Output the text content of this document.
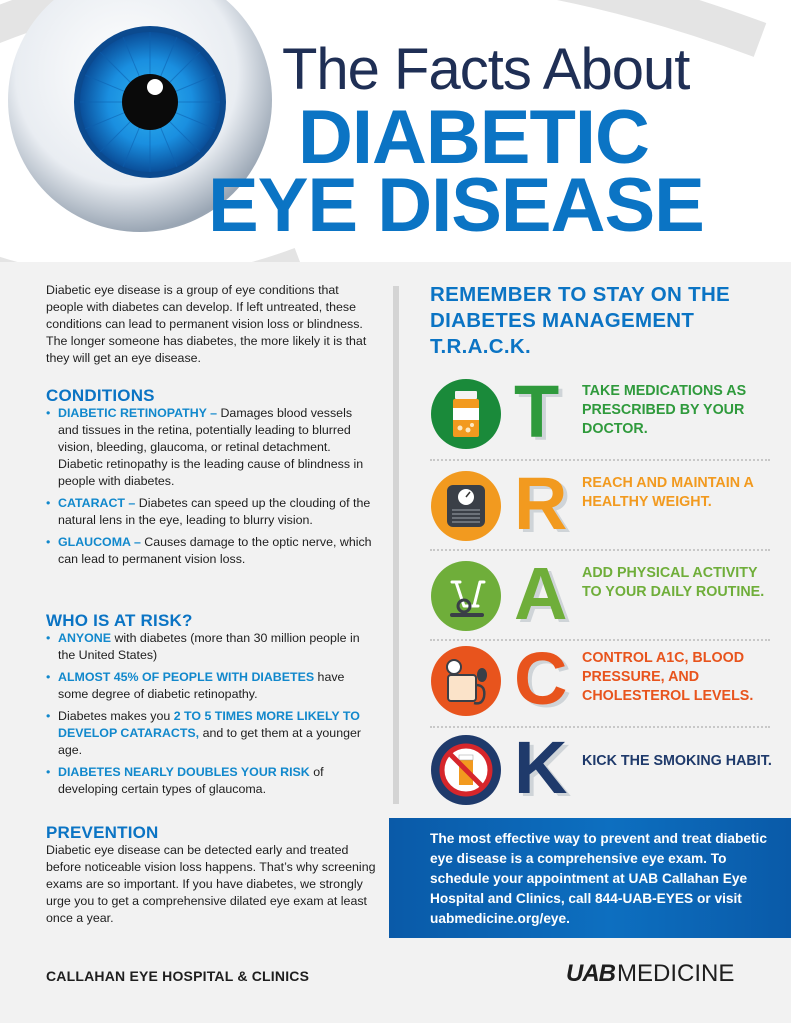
The Facts About
DIABETIC
EYE DISEASE
Diabetic eye disease is a group of eye conditions that people with diabetes can develop. If left untreated, these conditions can lead to permanent vision loss or blindness. The longer someone has diabetes, the more likely it is that they will get an eye disease.
CONDITIONS
• DIABETIC RETINOPATHY – Damages blood vessels and tissues in the retina, potentially leading to blurred vision, bleeding, glaucoma, or retinal detachment. Diabetic retinopathy is the leading cause of blindness in people with diabetes.
• CATARACT – Diabetes can speed up the clouding of the natural lens in the eye, leading to blurry vision.
• GLAUCOMA – Causes damage to the optic nerve, which can lead to permanent vision loss.
WHO IS AT RISK?
• ANYONE with diabetes (more than 30 million people in the United States)
• ALMOST 45% OF PEOPLE WITH DIABETES have some degree of diabetic retinopathy.
• Diabetes makes you 2 TO 5 TIMES MORE LIKELY TO DEVELOP CATARACTS, and to get them at a younger age.
• DIABETES NEARLY DOUBLES YOUR RISK of developing certain types of glaucoma.
PREVENTION
Diabetic eye disease can be detected early and treated before noticeable vision loss happens. That’s why screening exams are so important. If you have diabetes, we strongly urge you to get a comprehensive dilated eye exam at least once a year.
CALLAHAN EYE HOSPITAL & CLINICS	UABMEDICINE
REMEMBER TO STAY ON THE DIABETES MANAGEMENT T.R.A.C.K.
T TAKE MEDICATIONS AS PRESCRIBED BY YOUR DOCTOR.
R REACH AND MAINTAIN A HEALTHY WEIGHT.
A ADD PHYSICAL ACTIVITY TO YOUR DAILY ROUTINE.
C CONTROL A1C, BLOOD PRESSURE, AND CHOLESTEROL LEVELS.
K KICK THE SMOKING HABIT.
The most effective way to prevent and treat diabetic eye disease is a comprehensive eye exam. To schedule your appointment at UAB Callahan Eye Hospital and Clinics, call 844-UAB-EYES or visit uabmedicine.org/eye.
